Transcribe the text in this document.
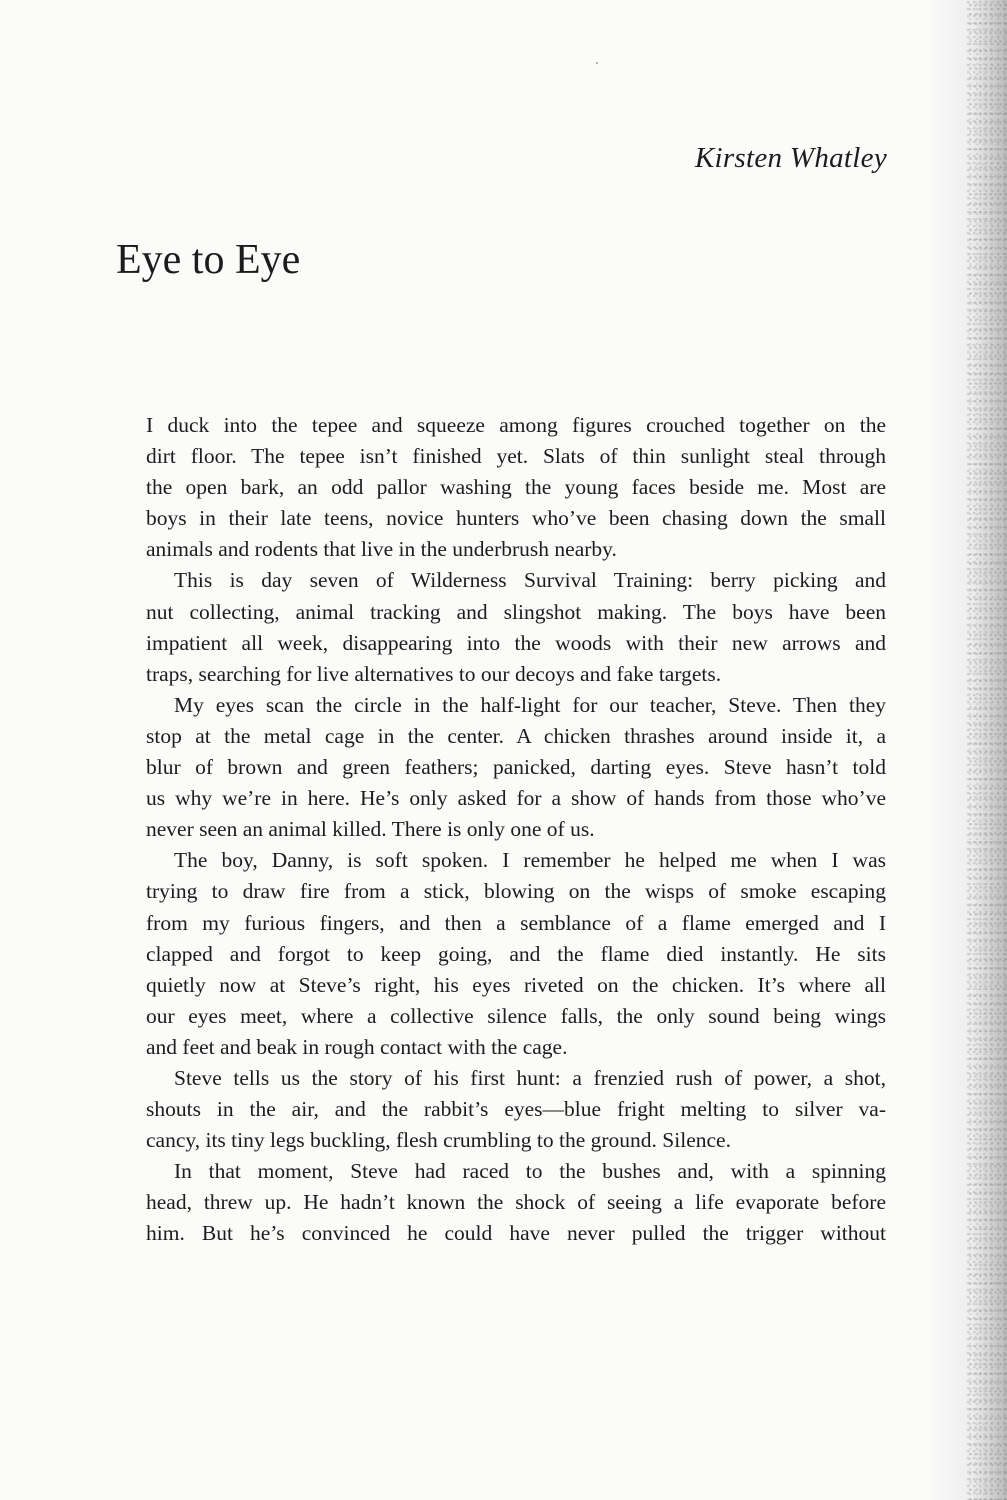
Kirsten Whatley
Eye to Eye
I duck into the tepee and squeeze among figures crouched together on the
dirt floor. The tepee isn’t finished yet. Slats of thin sunlight steal through
the open bark, an odd pallor washing the young faces beside me. Most are
boys in their late teens, novice hunters who’ve been chasing down the small
animals and rodents that live in the underbrush nearby.
This is day seven of Wilderness Survival Training: berry picking and
nut collecting, animal tracking and slingshot making. The boys have been
impatient all week, disappearing into the woods with their new arrows and
traps, searching for live alternatives to our decoys and fake targets.
My eyes scan the circle in the half-light for our teacher, Steve. Then they
stop at the metal cage in the center. A chicken thrashes around inside it, a
blur of brown and green feathers; panicked, darting eyes. Steve hasn’t told
us why we’re in here. He’s only asked for a show of hands from those who’ve
never seen an animal killed. There is only one of us.
The boy, Danny, is soft spoken. I remember he helped me when I was
trying to draw fire from a stick, blowing on the wisps of smoke escaping
from my furious fingers, and then a semblance of a flame emerged and I
clapped and forgot to keep going, and the flame died instantly. He sits
quietly now at Steve’s right, his eyes riveted on the chicken. It’s where all
our eyes meet, where a collective silence falls, the only sound being wings
and feet and beak in rough contact with the cage.
Steve tells us the story of his first hunt: a frenzied rush of power, a shot,
shouts in the air, and the rabbit’s eyes—blue fright melting to silver va-
cancy, its tiny legs buckling, flesh crumbling to the ground. Silence.
In that moment, Steve had raced to the bushes and, with a spinning
head, threw up. He hadn’t known the shock of seeing a life evaporate before
him. But he’s convinced he could have never pulled the trigger without
